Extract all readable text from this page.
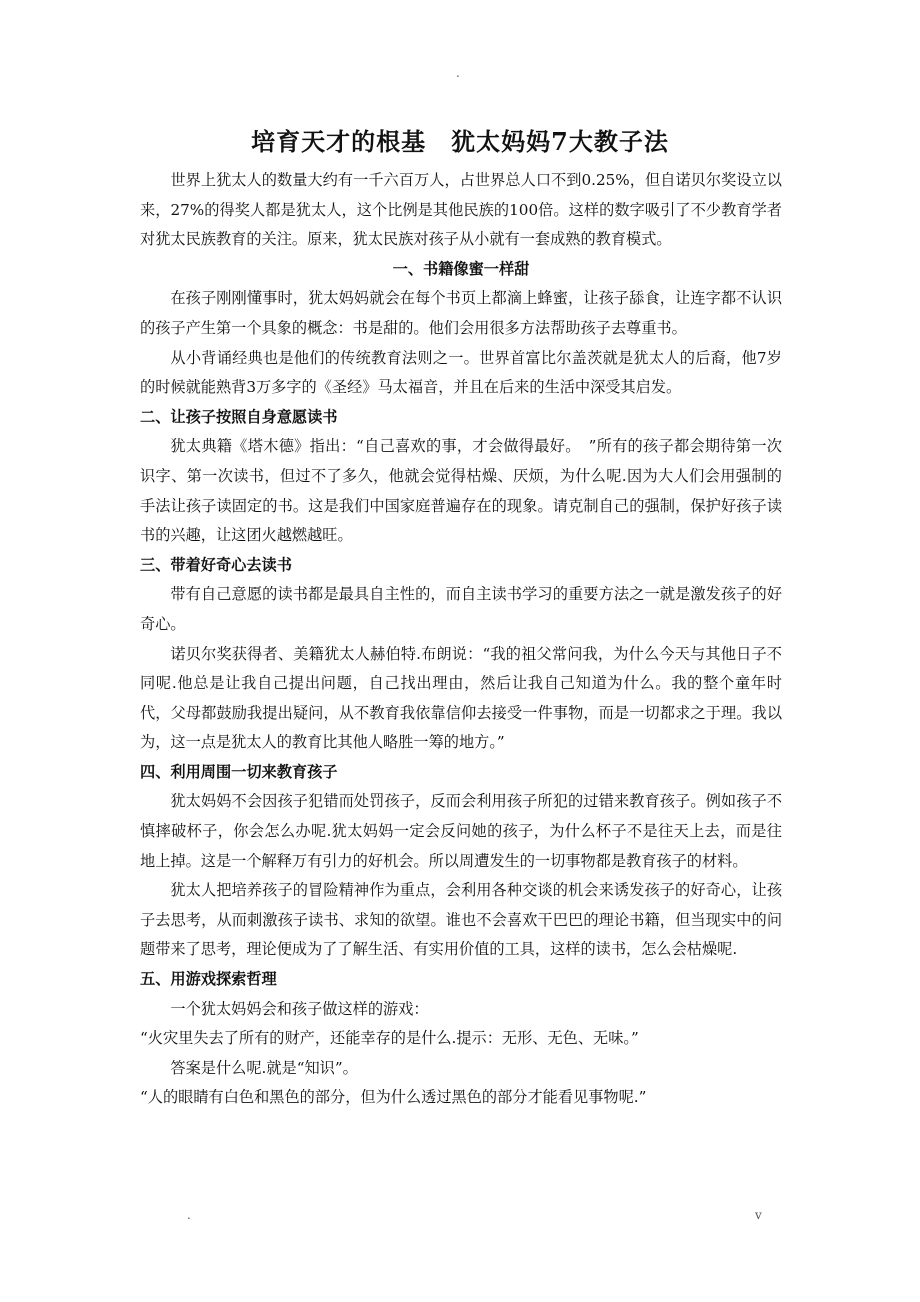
.
培育天才的根基　犹太妈妈7大教子法

世界上犹太人的数量大约有一千六百万人，占世界总人口不到0.25%，但自诺贝尔奖设立以来，27%的得奖人都是犹太人，这个比例是其他民族的100倍。这样的数字吸引了不少教育学者对犹太民族教育的关注。原来，犹太民族对孩子从小就有一套成熟的教育模式。

一、书籍像蜜一样甜

在孩子刚刚懂事时，犹太妈妈就会在每个书页上都滴上蜂蜜，让孩子舔食，让连字都不认识的孩子产生第一个具象的概念：书是甜的。他们会用很多方法帮助孩子去尊重书。

从小背诵经典也是他们的传统教育法则之一。世界首富比尔盖茨就是犹太人的后裔，他7岁的时候就能熟背3万多字的《圣经》马太福音，并且在后来的生活中深受其启发。

二、让孩子按照自身意愿读书

犹太典籍《塔木德》指出：“自己喜欢的事，才会做得最好。　”所有的孩子都会期待第一次识字、第一次读书，但过不了多久，他就会觉得枯燥、厌烦，为什么呢.因为大人们会用强制的手法让孩子读固定的书。这是我们中国家庭普遍存在的现象。请克制自己的强制，保护好孩子读书的兴趣，让这团火越燃越旺。

三、带着好奇心去读书

带有自己意愿的读书都是最具自主性的，而自主读书学习的重要方法之一就是激发孩子的好奇心。

诺贝尔奖获得者、美籍犹太人赫伯特.布朗说：“我的祖父常问我，为什么今天与其他日子不同呢.他总是让我自己提出问题，自己找出理由，然后让我自己知道为什么。我的整个童年时代，父母都鼓励我提出疑问，从不教育我依靠信仰去接受一件事物，而是一切都求之于理。我以为，这一点是犹太人的教育比其他人略胜一筹的地方。”

四、利用周围一切来教育孩子

犹太妈妈不会因孩子犯错而处罚孩子，反而会利用孩子所犯的过错来教育孩子。例如孩子不慎摔破杯子，你会怎么办呢.犹太妈妈一定会反问她的孩子，为什么杯子不是往天上去，而是往地上掉。这是一个解释万有引力的好机会。所以周遭发生的一切事物都是教育孩子的材料。

犹太人把培养孩子的冒险精神作为重点，会利用各种交谈的机会来诱发孩子的好奇心，让孩子去思考，从而刺激孩子读书、求知的欲望。谁也不会喜欢干巴巴的理论书籍，但当现实中的问题带来了思考，理论便成为了了解生活、有实用价值的工具，这样的读书，怎么会枯燥呢.

五、用游戏探索哲理

一个犹太妈妈会和孩子做这样的游戏：

“火灾里失去了所有的财产，还能幸存的是什么.提示：无形、无色、无味。”

答案是什么呢.就是“知识”。

“人的眼睛有白色和黑色的部分，但为什么透过黑色的部分才能看见事物呢.”

.	v
